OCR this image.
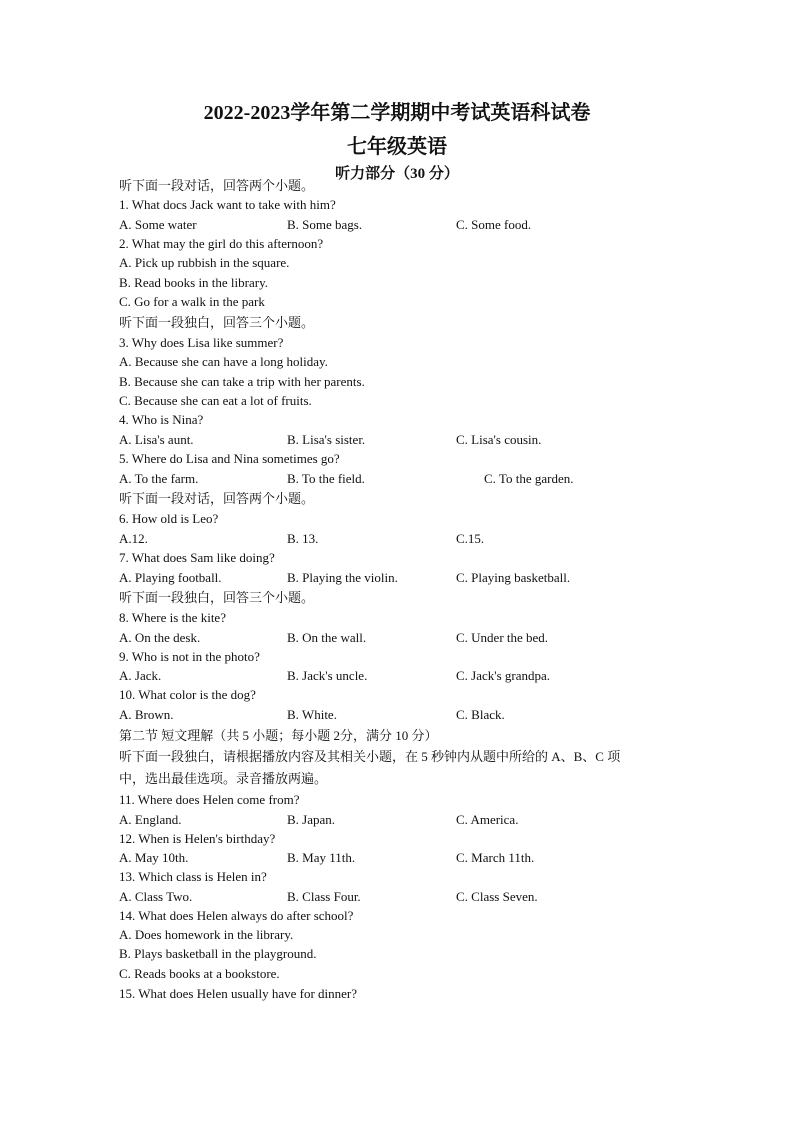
2022-2023学年第二学期期中考试英语科试卷
七年级英语
听力部分（30 分）
听下面一段对话，回答两个小题。
1. What docs Jack want to take with him?
A. Some water	B. Some bags.	C. Some food.
2. What may the girl do this afternoon?
A. Pick up rubbish in the square.
B. Read books in the library.
C. Go for a walk in the park
听下面一段独白，回答三个小题。
3. Why does Lisa like summer?
A. Because she can have a long holiday.
B. Because she can take a trip with her parents.
C. Because she can eat a lot of fruits.
4. Who is Nina?
A. Lisa's aunt.	B. Lisa's sister.	C. Lisa's cousin.
5. Where do Lisa and Nina sometimes go?
A. To the farm.	B. To the field.	C. To the garden.
听下面一段对话，回答两个小题。
6. How old is Leo?
A.12.	B. 13.	C.15.
7. What does Sam like doing?
A. Playing football.	B. Playing the violin.	C. Playing basketball.
听下面一段独白，回答三个小题。
8. Where is the kite?
A. On the desk.	B. On the wall.	C. Under the bed.
9. Who is not in the photo?
A. Jack.	B. Jack's uncle.	C. Jack's grandpa.
10. What color is the dog?
A. Brown.	B. White.	C. Black.
第二节 短文理解（共 5 小题；每小题 2分，满分 10 分）
听下面一段独白，请根据播放内容及其相关小题，在 5 秒钟内从题中所给的 A、B、C 项
中，选出最佳选项。录音播放两遍。
11. Where does Helen come from?
A. England.	B. Japan.	C. America.
12. When is Helen's birthday?
A. May 10th.	B. May 11th.	C. March 11th.
13. Which class is Helen in?
A. Class Two.	B. Class Four.	C. Class Seven.
14. What does Helen always do after school?
A. Does homework in the library.
B. Plays basketball in the playground.
C. Reads books at a bookstore.
15. What does Helen usually have for dinner?
